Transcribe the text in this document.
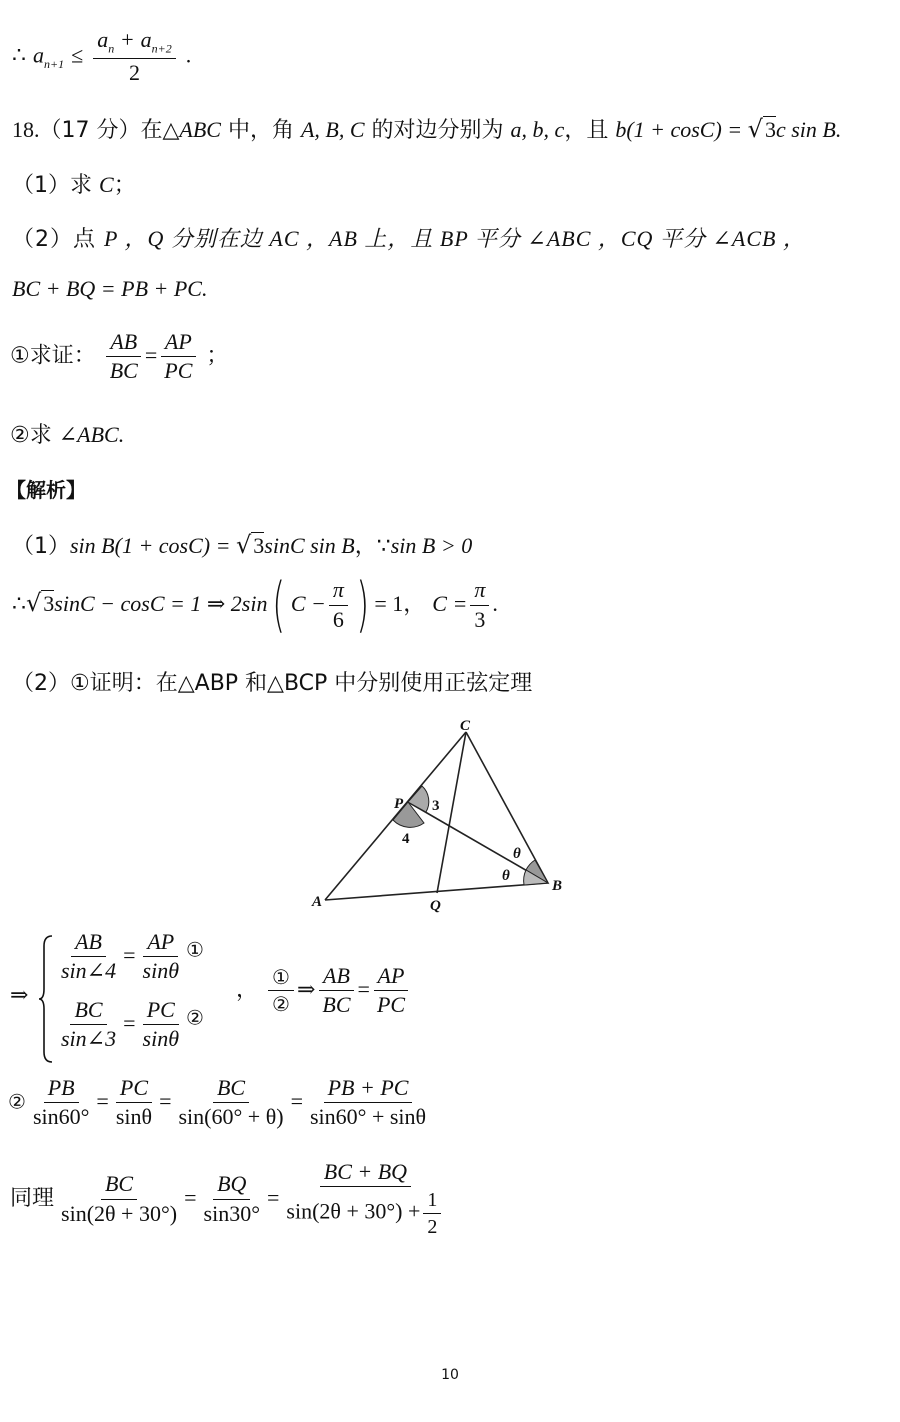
∴ $a_{n+1} \le \frac{a_n + a_{n+2}}{2}$ .
18.（17 分）在△ABC 中，角 A, B, C 的对边分别为 a, b, c，且 b(1 + cosC) = √3c sin B.
（1）求 C；
（2）点 P ，Q 分别在边 AC ，AB 上，且 BP 平分 ∠ABC ，CQ 平分 ∠ACB ，
BC + BQ = PB + PC.
①求证： $\frac{AB}{BC} = \frac{AP}{PC}$ ；
②求 ∠ABC.
【解析】
（1）sin B(1 + cosC) = √3sinC sin B，∵sin B > 0
∴√3sinC − cosC = 1 ⇒ 2sin( $C - \frac{\pi}{6}$ ) = 1， $C = \frac{\pi}{3}$ .
（2）①证明：在△ABP 和△BCP 中分别使用正弦定理
C
P
A	Q
B
3
4
θ
θ
⇒
$\frac{AB}{\sin\angle 4} = \frac{AP}{\sin\theta}$ ①
$\frac{BC}{\sin\angle 3} = \frac{PC}{\sin\theta}$ ②
， $\frac{\text{①}}{\text{②}}$ ⇒ $\frac{AB}{BC} = \frac{AP}{PC}$
② $\frac{PB}{\sin 60^\circ} = \frac{PC}{\sin\theta} = \frac{BC}{\sin(60^\circ + \theta)} = \frac{PB + PC}{\sin 60^\circ + \sin\theta}$
同理 $\frac{BC}{\sin(2\theta + 30^\circ)} = \frac{BQ}{\sin 30^\circ} = \frac{BC + BQ}{\sin(2\theta + 30^\circ) + \frac{1}{2}}$
10
